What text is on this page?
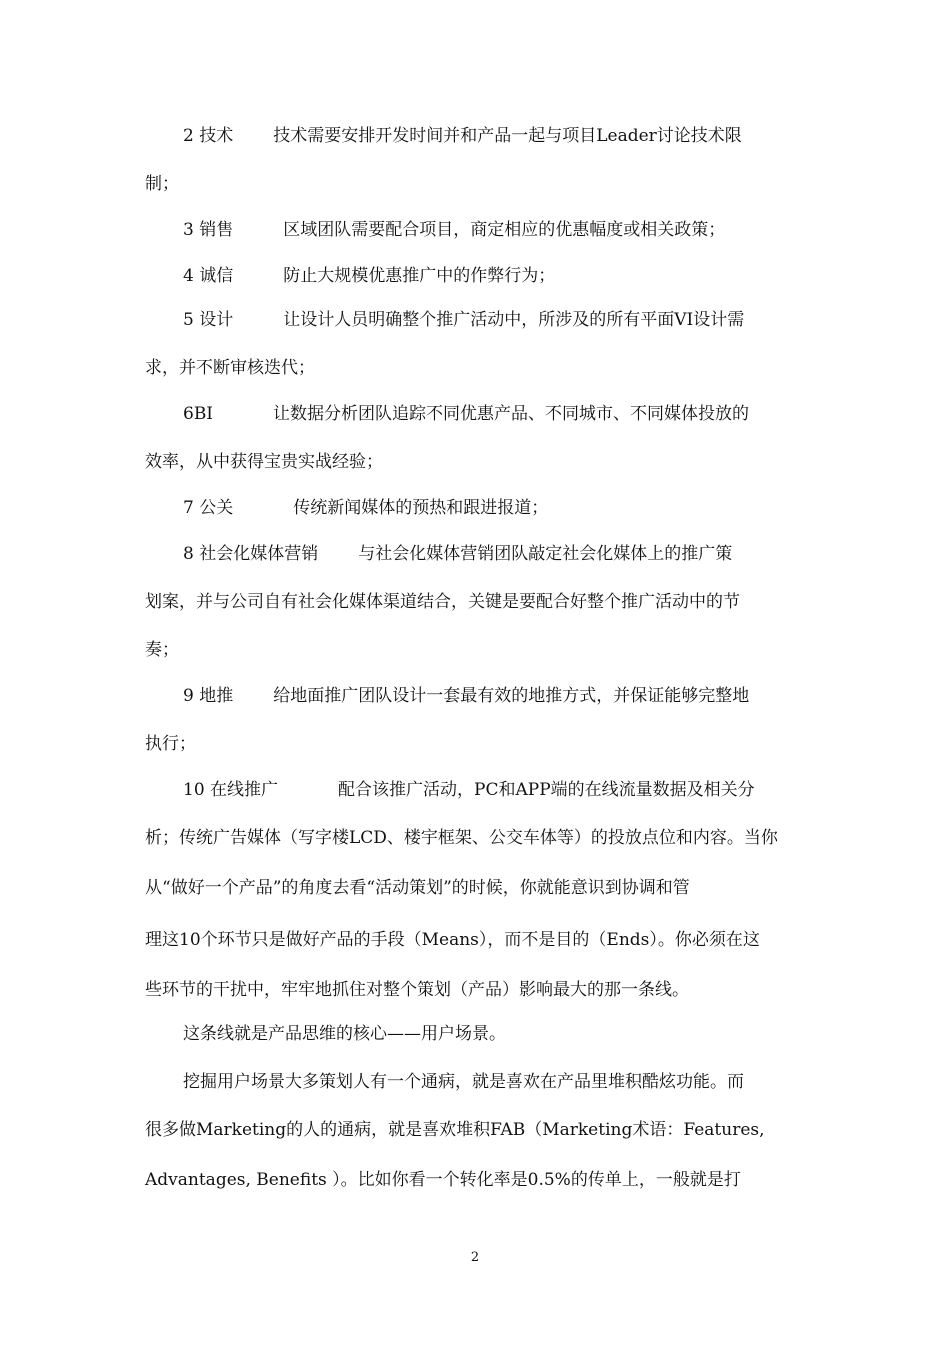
2 技术 技术需要安排开发时间并和产品一起与项目Leader讨论技术限
制；
3 销售	区域团队需要配合项目，商定相应的优惠幅度或相关政策；
4 诚信	防止大规模优惠推广中的作弊行为；
5 设计	让设计人员明确整个推广活动中，所涉及的所有平面VI设计需
求，并不断审核迭代；
6BI	让数据分析团队追踪不同优惠产品、不同城市、不同媒体投放的
效率，从中获得宝贵实战经验；
7 公关	传统新闻媒体的预热和跟进报道；
8 社会化媒体营销 与社会化媒体营销团队敲定社会化媒体上的推广策
划案，并与公司自有社会化媒体渠道结合，关键是要配合好整个推广活动中的节
奏；
9 地推 给地面推广团队设计一套最有效的地推方式，并保证能够完整地
执行；
10 在线推广	配合该推广活动，PC和APP端的在线流量数据及相关分
析；传统广告媒体（写字楼LCD、楼宇框架、公交车体等）的投放点位和内容。当你
从“做好一个产品”的角度去看“活动策划”的时候，你就能意识到协调和管
理这10个环节只是做好产品的手段（Means），而不是目的（Ends）。你必须在这
些环节的干扰中，牢牢地抓住对整个策划（产品）影响最大的那一条线。
这条线就是产品思维的核心——用户场景。
挖掘用户场景大多策划人有一个通病，就是喜欢在产品里堆积酷炫功能。而
很多做Marketing的人的通病，就是喜欢堆积FAB（Marketing术语：Features,
Advantages, Benefits ）。比如你看一个转化率是0.5%的传单上，一般就是打
2
